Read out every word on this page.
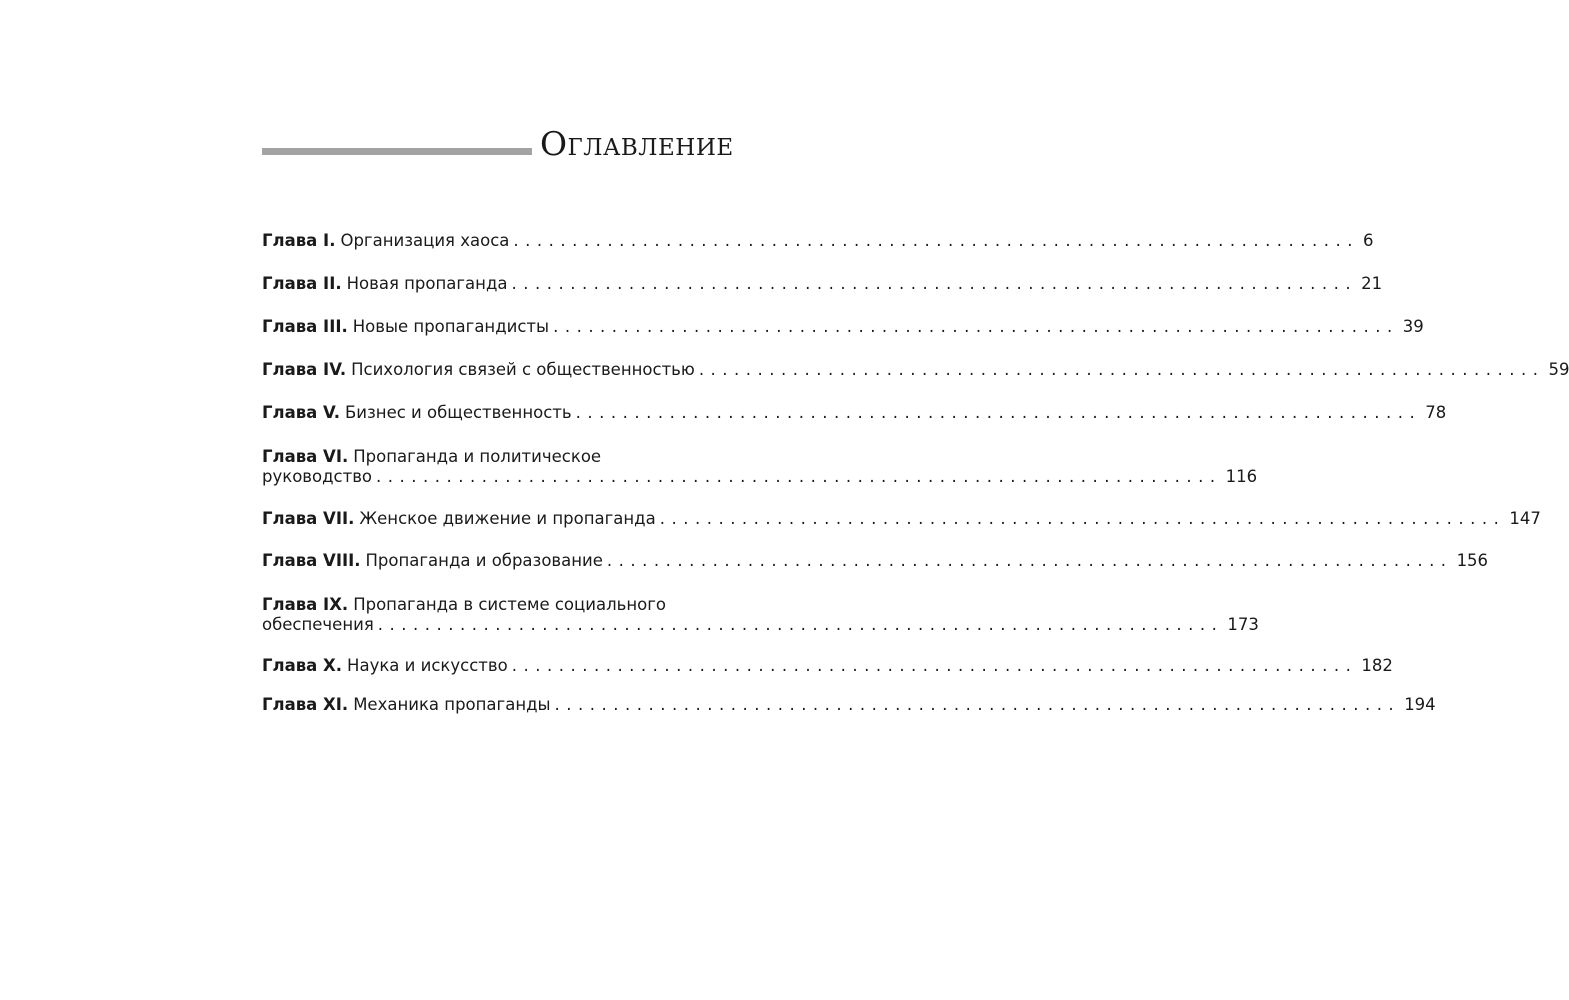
Оглавление
Глава I. Организация хаоса ........................................................................ 6
Глава II. Новая пропаганда ........................................................................ 21
Глава III. Новые пропагандисты ........................................................................ 39
Глава IV. Психология связей с общественностью ........................................................................ 59
Глава V. Бизнес и общественность ........................................................................ 78
Глава VI. Пропаганда и политическое
руководство ........................................................................ 116
Глава VII. Женское движение и пропаганда ........................................................................ 147
Глава VIII. Пропаганда и образование ........................................................................ 156
Глава IX. Пропаганда в системе социального
обеспечения ........................................................................ 173
Глава X. Наука и искусство ........................................................................ 182
Глава XI. Механика пропаганды ........................................................................ 194
